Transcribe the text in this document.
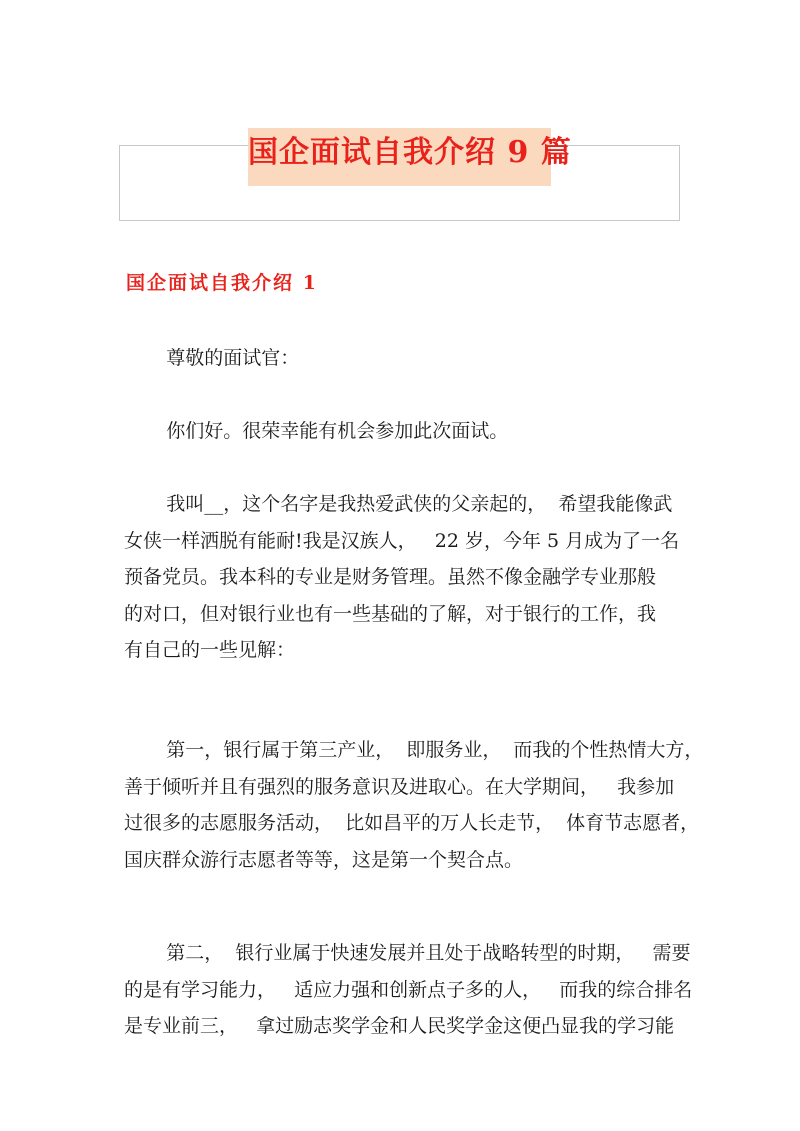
国企面试自我介绍 9 篇
国企面试自我介绍 1

尊敬的面试官：

你们好。很荣幸能有机会参加此次面试。

我叫__，这个名字是我热爱武侠的父亲起的，  希望我能像武
女侠一样洒脱有能耐!我是汉族人，   22 岁，今年 5 月成为了一名
预备党员。我本科的专业是财务管理。虽然不像金融学专业那般
的对口，但对银行业也有一些基础的了解，对于银行的工作，我
有自己的一些见解：

第一，银行属于第三产业，  即服务业，  而我的个性热情大方，
善于倾听并且有强烈的服务意识及进取心。在大学期间，   我参加
过很多的志愿服务活动，  比如昌平的万人长走节，  体育节志愿者，
国庆群众游行志愿者等等，这是第一个契合点。

第二，  银行业属于快速发展并且处于战略转型的时期，   需要
的是有学习能力，   适应力强和创新点子多的人，   而我的综合排名
是专业前三，   拿过励志奖学金和人民奖学金这便凸显我的学习能
